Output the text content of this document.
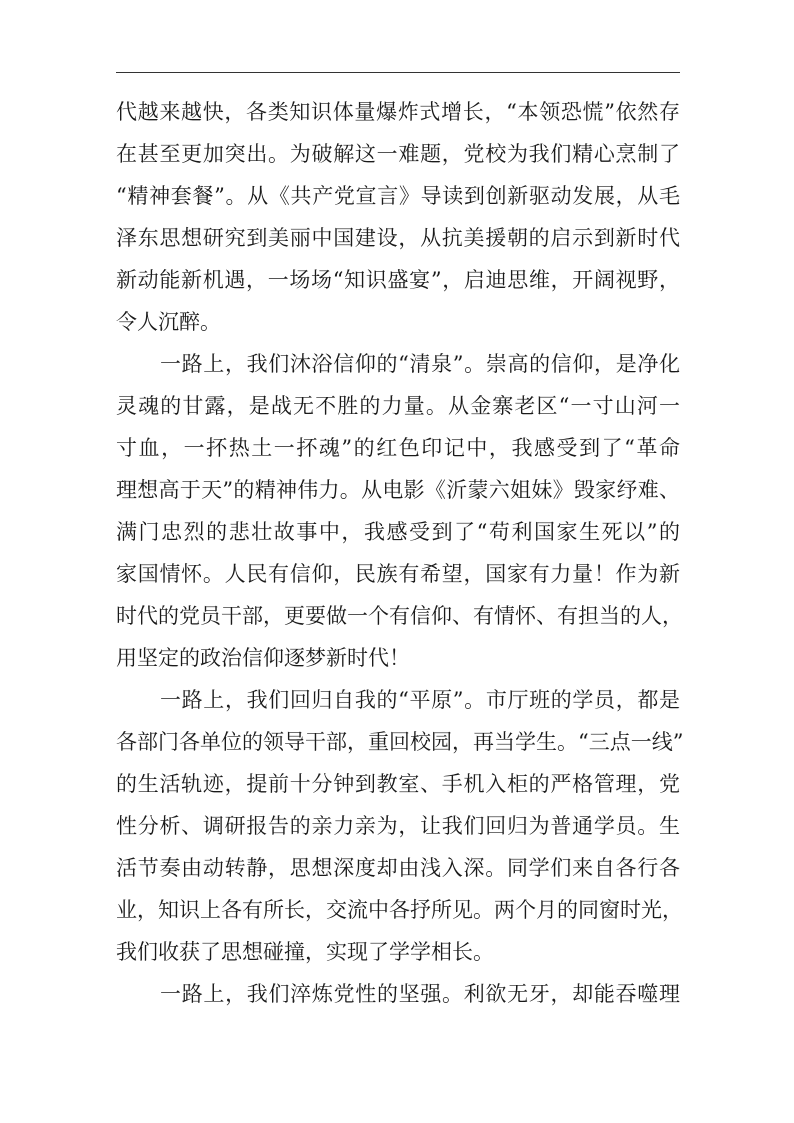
代越来越快，各类知识体量爆炸式增长，“本领恐慌”依然存
在甚至更加突出。为破解这一难题，党校为我们精心烹制了
“精神套餐”。从《共产党宣言》导读到创新驱动发展，从毛
泽东思想研究到美丽中国建设，从抗美援朝的启示到新时代
新动能新机遇，一场场“知识盛宴”，启迪思维，开阔视野，
令人沉醉。
一路上，我们沐浴信仰的“清泉”。崇高的信仰，是净化
灵魂的甘露，是战无不胜的力量。从金寨老区“一寸山河一
寸血，一抔热土一抔魂”的红色印记中，我感受到了“革命
理想高于天”的精神伟力。从电影《沂蒙六姐妹》毁家纾难、
满门忠烈的悲壮故事中，我感受到了“苟利国家生死以”的
家国情怀。人民有信仰，民族有希望，国家有力量！作为新
时代的党员干部，更要做一个有信仰、有情怀、有担当的人，
用坚定的政治信仰逐梦新时代！
一路上，我们回归自我的“平原”。市厅班的学员，都是
各部门各单位的领导干部，重回校园，再当学生。“三点一线”
的生活轨迹，提前十分钟到教室、手机入柜的严格管理，党
性分析、调研报告的亲力亲为，让我们回归为普通学员。生
活节奏由动转静，思想深度却由浅入深。同学们来自各行各
业，知识上各有所长，交流中各抒所见。两个月的同窗时光，
我们收获了思想碰撞，实现了学学相长。
一路上，我们淬炼党性的坚强。利欲无牙，却能吞噬理
